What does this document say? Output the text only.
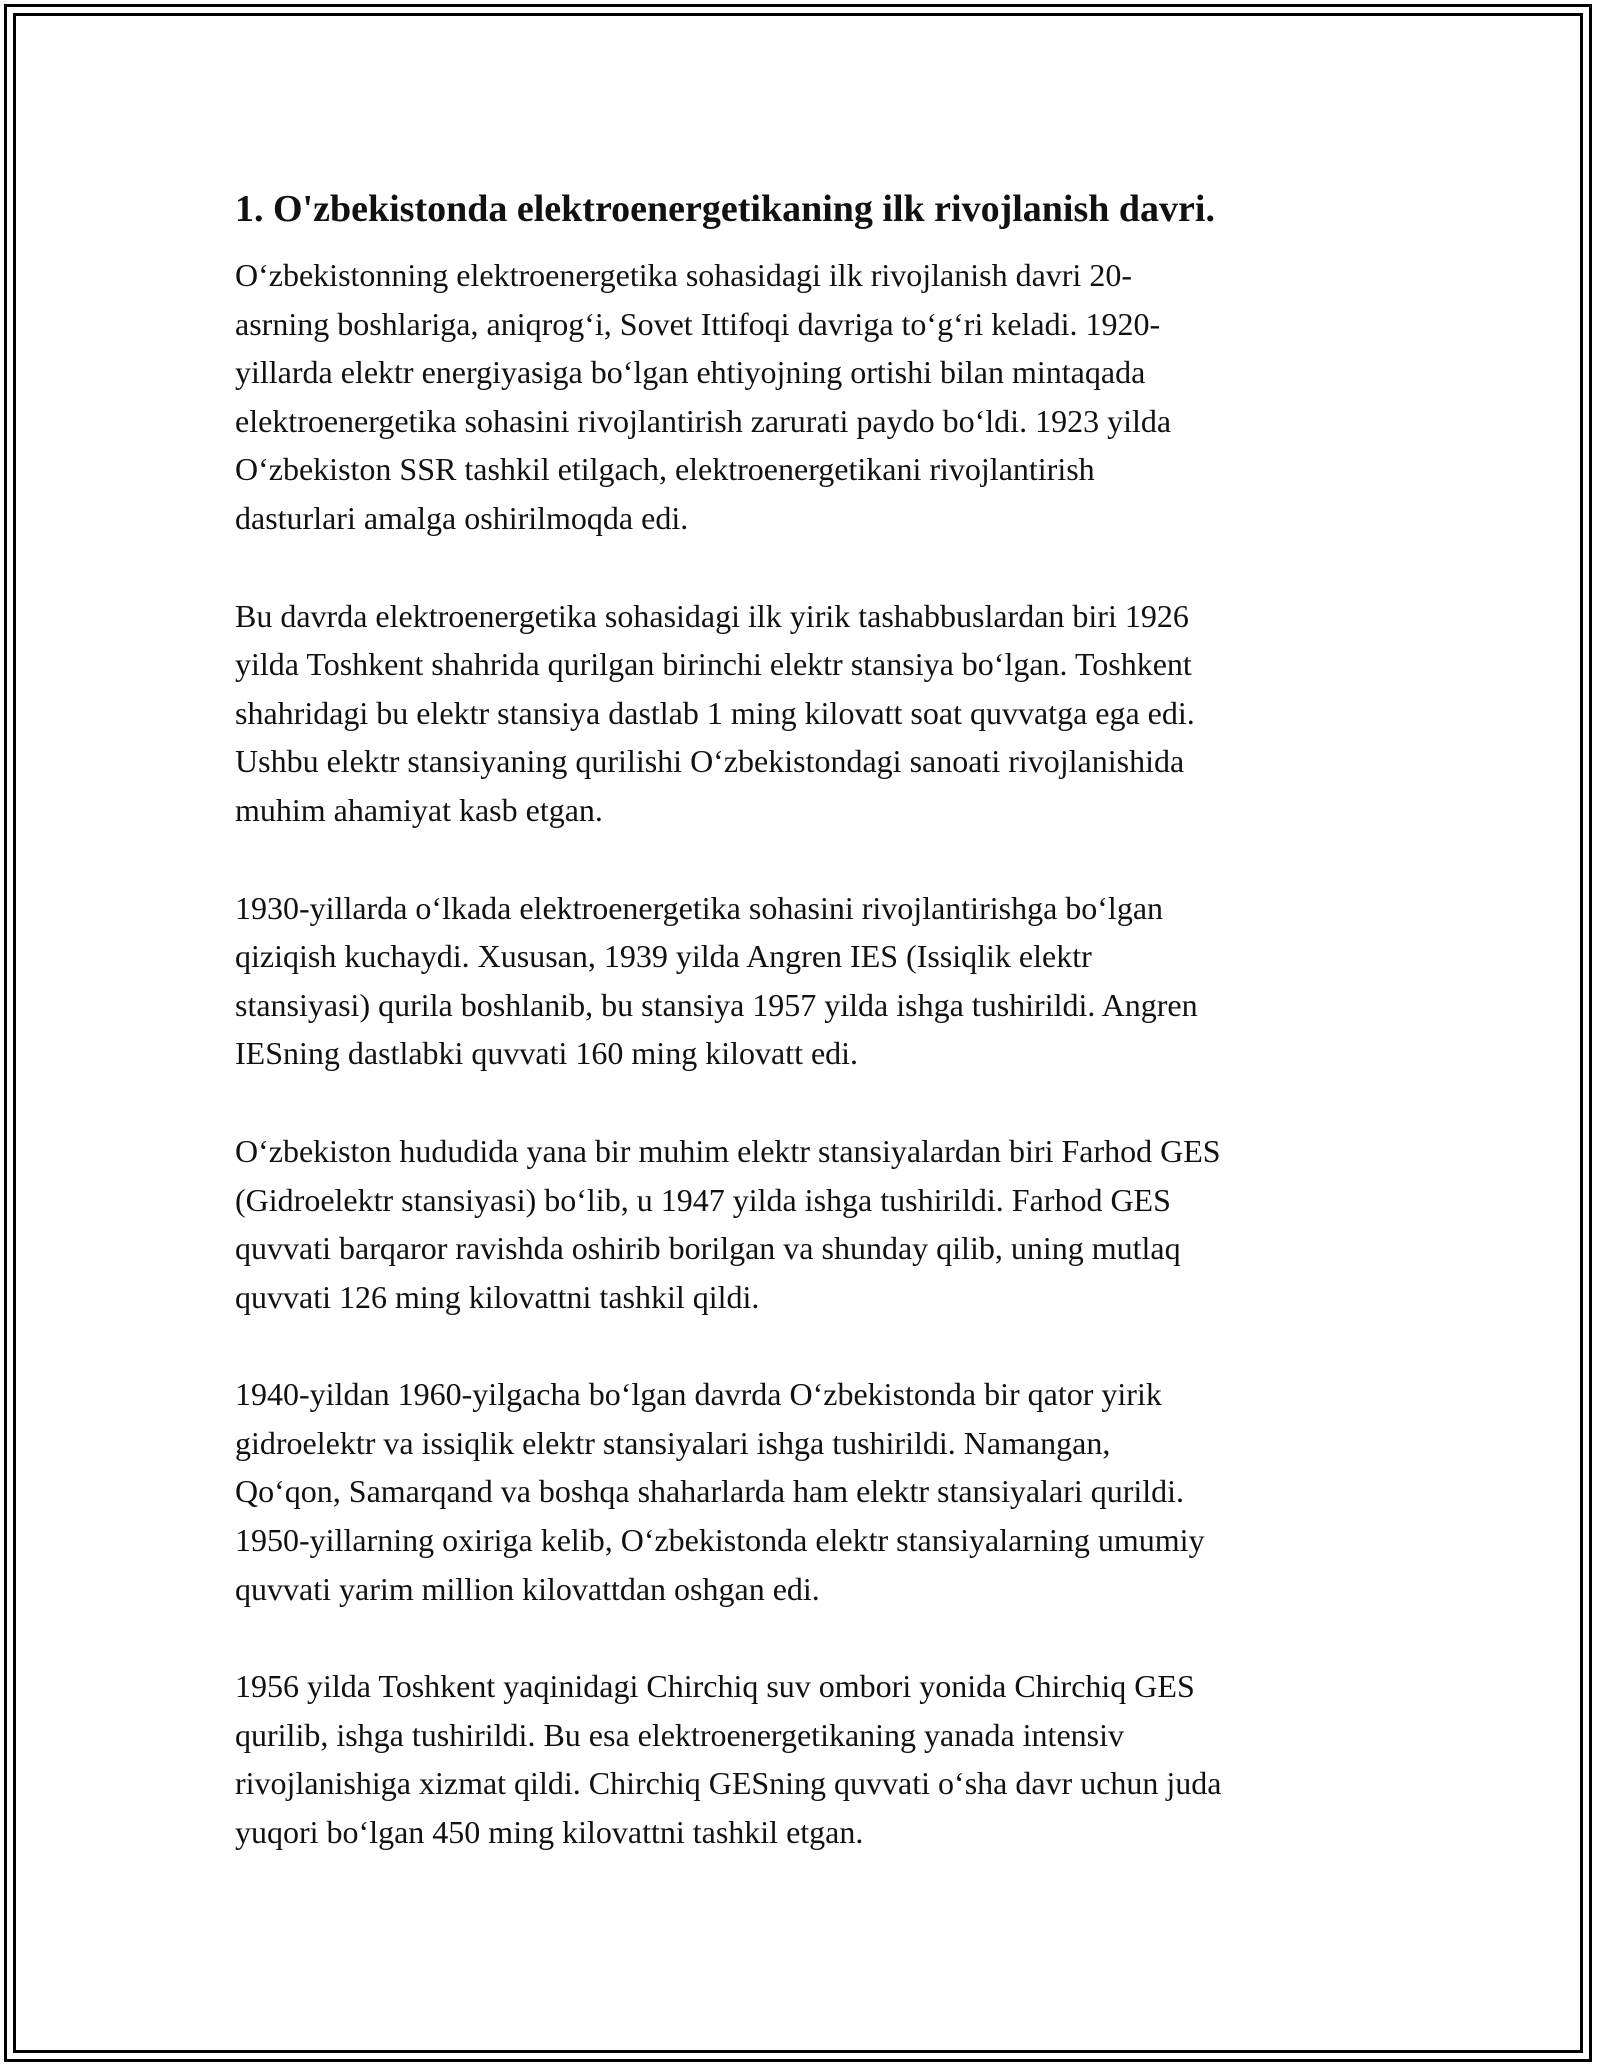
1. O'zbekistonda elektroenergetikaning ilk rivojlanish davri.

O‘zbekistonning elektroenergetika sohasidagi ilk rivojlanish davri 20-
asrning boshlariga, aniqrog‘i, Sovet Ittifoqi davriga to‘g‘ri keladi. 1920-
yillarda elektr energiyasiga bo‘lgan ehtiyojning ortishi bilan mintaqada
elektroenergetika sohasini rivojlantirish zarurati paydo bo‘ldi. 1923 yilda
O‘zbekiston SSR tashkil etilgach, elektroenergetikani rivojlantirish
dasturlari amalga oshirilmoqda edi.

Bu davrda elektroenergetika sohasidagi ilk yirik tashabbuslardan biri 1926
yilda Toshkent shahrida qurilgan birinchi elektr stansiya bo‘lgan. Toshkent
shahridagi bu elektr stansiya dastlab 1 ming kilovatt soat quvvatga ega edi.
Ushbu elektr stansiyaning qurilishi O‘zbekistondagi sanoati rivojlanishida
muhim ahamiyat kasb etgan.

1930-yillarda o‘lkada elektroenergetika sohasini rivojlantirishga bo‘lgan
qiziqish kuchaydi. Xususan, 1939 yilda Angren IES (Issiqlik elektr
stansiyasi) qurila boshlanib, bu stansiya 1957 yilda ishga tushirildi. Angren
IESning dastlabki quvvati 160 ming kilovatt edi.

O‘zbekiston hududida yana bir muhim elektr stansiyalardan biri Farhod GES
(Gidroelektr stansiyasi) bo‘lib, u 1947 yilda ishga tushirildi. Farhod GES
quvvati barqaror ravishda oshirib borilgan va shunday qilib, uning mutlaq
quvvati 126 ming kilovattni tashkil qildi.

1940-yildan 1960-yilgacha bo‘lgan davrda O‘zbekistonda bir qator yirik
gidroelektr va issiqlik elektr stansiyalari ishga tushirildi. Namangan,
Qo‘qon, Samarqand va boshqa shaharlarda ham elektr stansiyalari qurildi.
1950-yillarning oxiriga kelib, O‘zbekistonda elektr stansiyalarning umumiy
quvvati yarim million kilovattdan oshgan edi.

1956 yilda Toshkent yaqinidagi Chirchiq suv ombori yonida Chirchiq GES
qurilib, ishga tushirildi. Bu esa elektroenergetikaning yanada intensiv
rivojlanishiga xizmat qildi. Chirchiq GESning quvvati o‘sha davr uchun juda
yuqori bo‘lgan 450 ming kilovattni tashkil etgan.
